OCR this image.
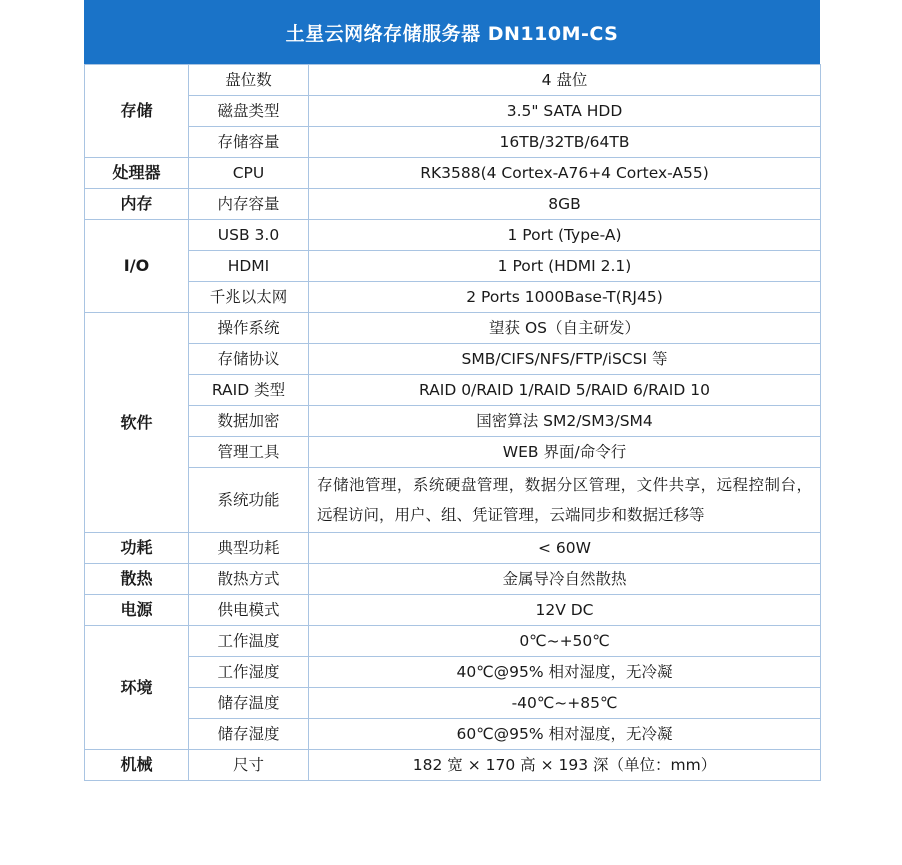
土星云网络存储服务器 DN110M-CS
存储	盘位数	4 盘位
	磁盘类型	3.5" SATA HDD
	存储容量	16TB/32TB/64TB
处理器	CPU	RK3588(4 Cortex-A76+4 Cortex-A55)
内存	内存容量	8GB
I/O	USB 3.0	1 Port (Type-A)
	HDMI	1 Port (HDMI 2.1)
	千兆以太网	2 Ports 1000Base-T(RJ45)
软件	操作系统	望获 OS（自主研发）
	存储协议	SMB/CIFS/NFS/FTP/iSCSI 等
	RAID 类型	RAID 0/RAID 1/RAID 5/RAID 6/RAID 10
	数据加密	国密算法 SM2/SM3/SM4
	管理工具	WEB 界面/命令行
	系统功能	存储池管理，系统硬盘管理，数据分区管理，文件共享，远程控制台，远程访问，用户、组、凭证管理，云端同步和数据迁移等
功耗	典型功耗	< 60W
散热	散热方式	金属导冷自然散热
电源	供电模式	12V DC
环境	工作温度	0℃~+50℃
	工作湿度	40℃@95% 相对湿度，无冷凝
	储存温度	-40℃~+85℃
	储存湿度	60℃@95% 相对湿度，无冷凝
机械	尺寸	182 宽 × 170 高 × 193 深（单位：mm）
